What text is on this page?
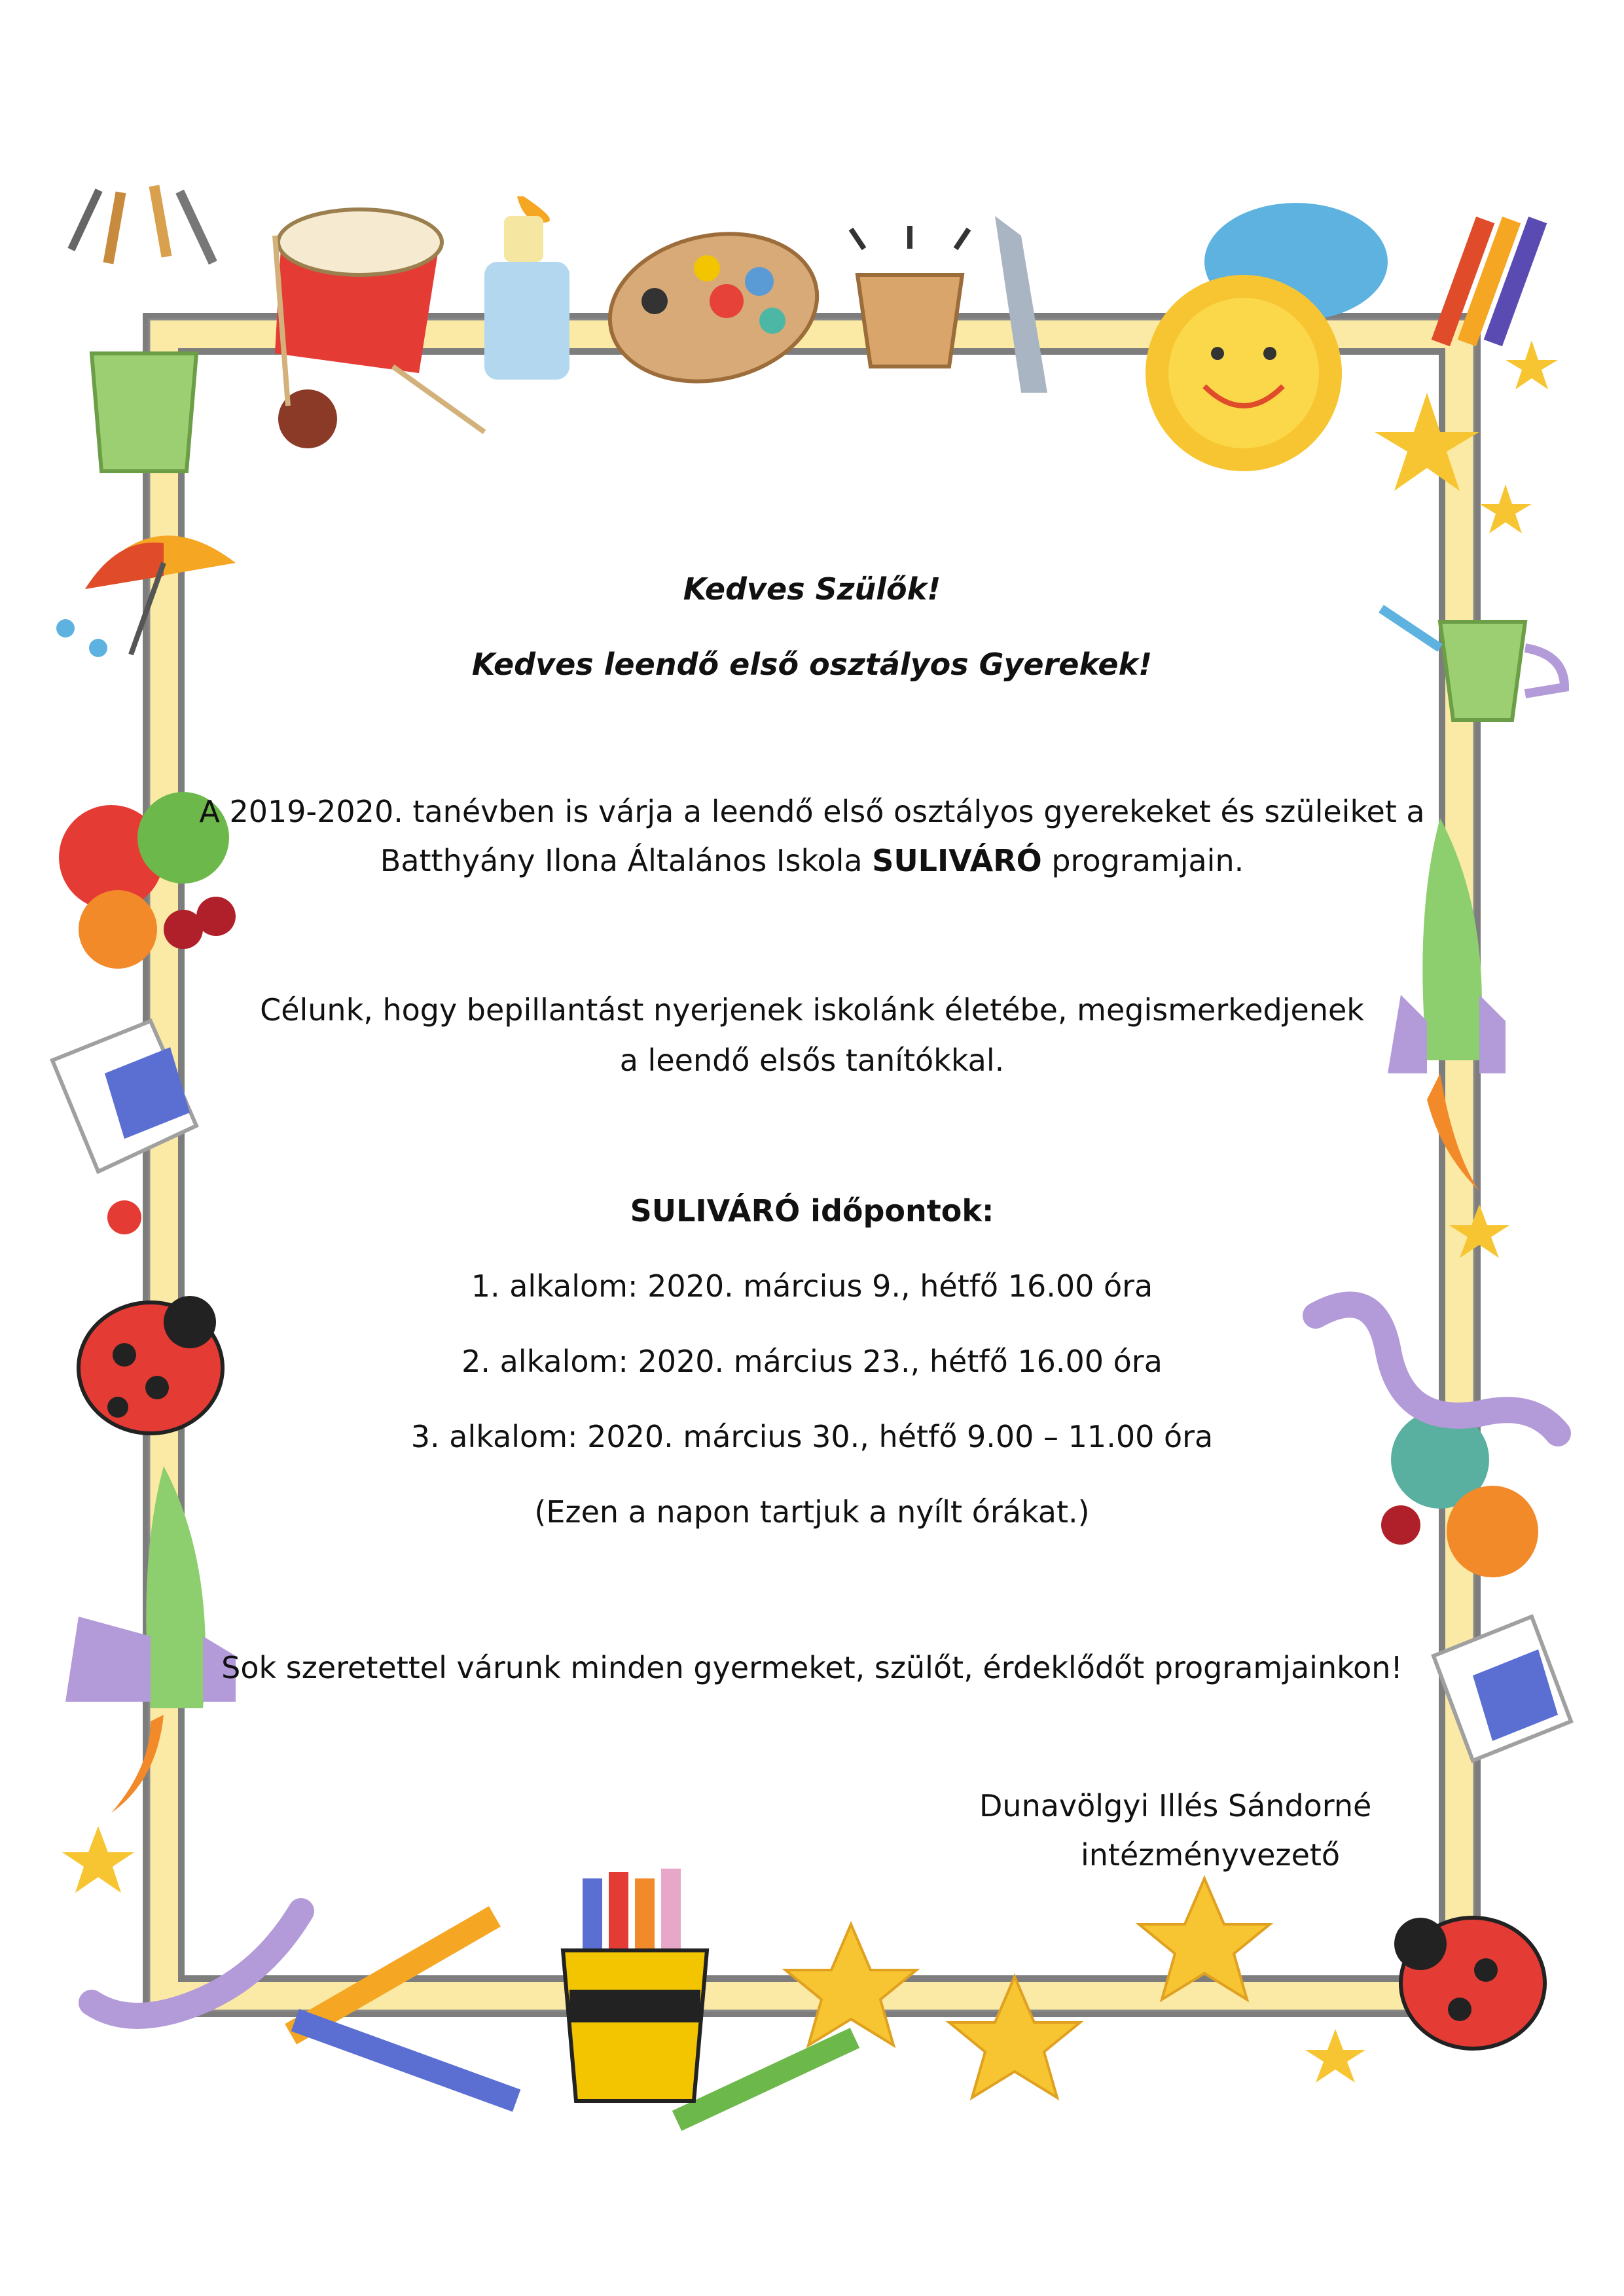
Kedves Szülők!
Kedves leendő első osztályos Gyerekek!
A 2019-2020. tanévben is várja a leendő első osztályos gyerekeket és szüleiket a
Batthyány Ilona Általános Iskola SULIVÁRÓ programjain.
Célunk, hogy bepillantást nyerjenek iskolánk életébe, megismerkedjenek
a leendő elsős tanítókkal.
SULIVÁRÓ időpontok:
1. alkalom: 2020. március 9., hétfő 16.00 óra
2. alkalom: 2020. március 23., hétfő 16.00 óra
3. alkalom: 2020. március 30., hétfő 9.00 – 11.00 óra
(Ezen a napon tartjuk a nyílt órákat.)
Sok szeretettel várunk minden gyermeket, szülőt, érdeklődőt programjainkon!
Dunavölgyi Illés Sándorné
intézményvezető
